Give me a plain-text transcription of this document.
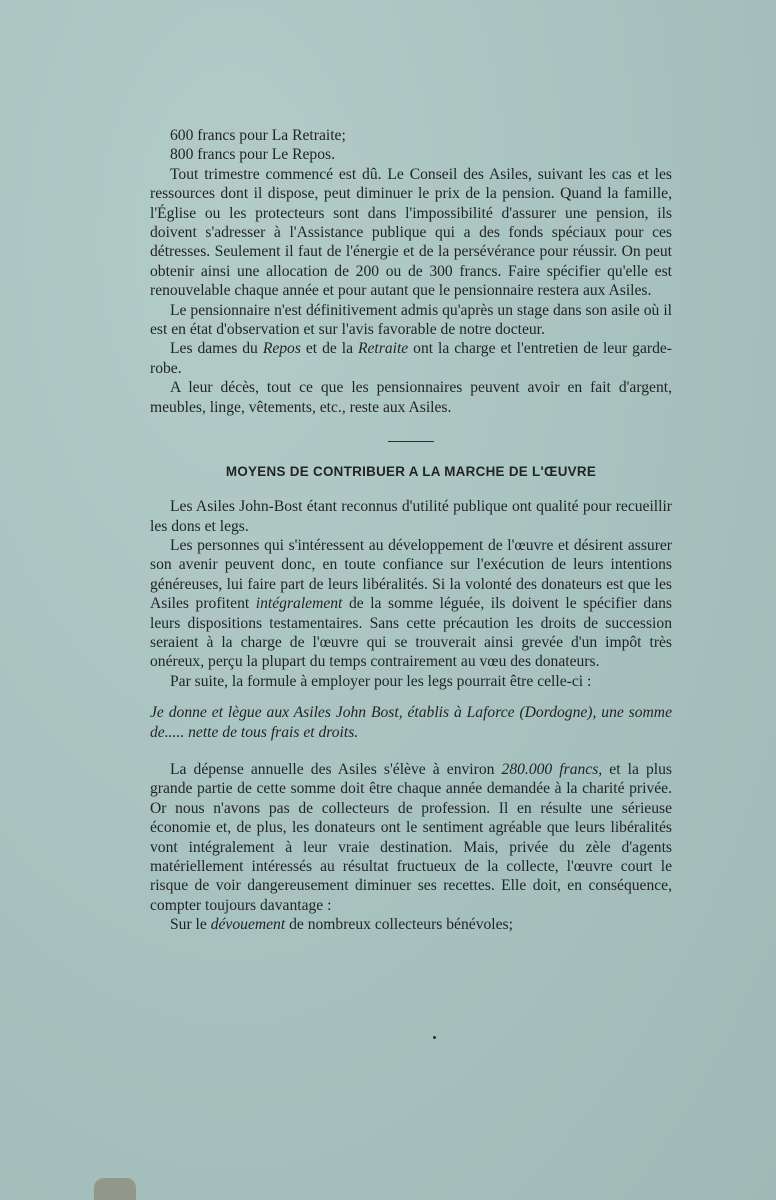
600 francs pour La Retraite;

800 francs pour Le Repos.

Tout trimestre commencé est dû. Le Conseil des Asiles, suivant les cas et les ressources dont il dispose, peut diminuer le prix de la pension. Quand la famille, l'Église ou les protecteurs sont dans l'impossibilité d'assurer une pension, ils doivent s'adresser à l'Assistance publique qui a des fonds spéciaux pour ces détresses. Seulement il faut de l'énergie et de la persévérance pour réussir. On peut obtenir ainsi une allocation de 200 ou de 300 francs. Faire spécifier qu'elle est renouvelable chaque année et pour autant que le pensionnaire restera aux Asiles.

Le pensionnaire n'est définitivement admis qu'après un stage dans son asile où il est en état d'observation et sur l'avis favorable de notre docteur.

Les dames du Repos et de la Retraite ont la charge et l'entretien de leur garde-robe.

A leur décès, tout ce que les pensionnaires peuvent avoir en fait d'argent, meubles, linge, vêtements, etc., reste aux Asiles.

MOYENS DE CONTRIBUER A LA MARCHE DE L'ŒUVRE

Les Asiles John-Bost étant reconnus d'utilité publique ont qualité pour recueillir les dons et legs.

Les personnes qui s'intéressent au développement de l'œuvre et désirent assurer son avenir peuvent donc, en toute confiance sur l'exécution de leurs intentions généreuses, lui faire part de leurs libéralités. Si la volonté des donateurs est que les Asiles profitent intégralement de la somme léguée, ils doivent le spécifier dans leurs dispositions testamentaires. Sans cette précaution les droits de succession seraient à la charge de l'œuvre qui se trouverait ainsi grevée d'un impôt très onéreux, perçu la plupart du temps contrairement au vœu des donateurs.

Par suite, la formule à employer pour les legs pourrait être celle-ci :

Je donne et lègue aux Asiles John Bost, établis à Laforce (Dordogne), une somme de..... nette de tous frais et droits.

La dépense annuelle des Asiles s'élève à environ 280.000 francs, et la plus grande partie de cette somme doit être chaque année demandée à la charité privée. Or nous n'avons pas de collecteurs de profession. Il en résulte une sérieuse économie et, de plus, les donateurs ont le sentiment agréable que leurs libéralités vont intégralement à leur vraie destination. Mais, privée du zèle d'agents matériellement intéressés au résultat fructueux de la collecte, l'œuvre court le risque de voir dangereusement diminuer ses recettes. Elle doit, en conséquence, compter toujours davantage :

Sur le dévouement de nombreux collecteurs bénévoles;
